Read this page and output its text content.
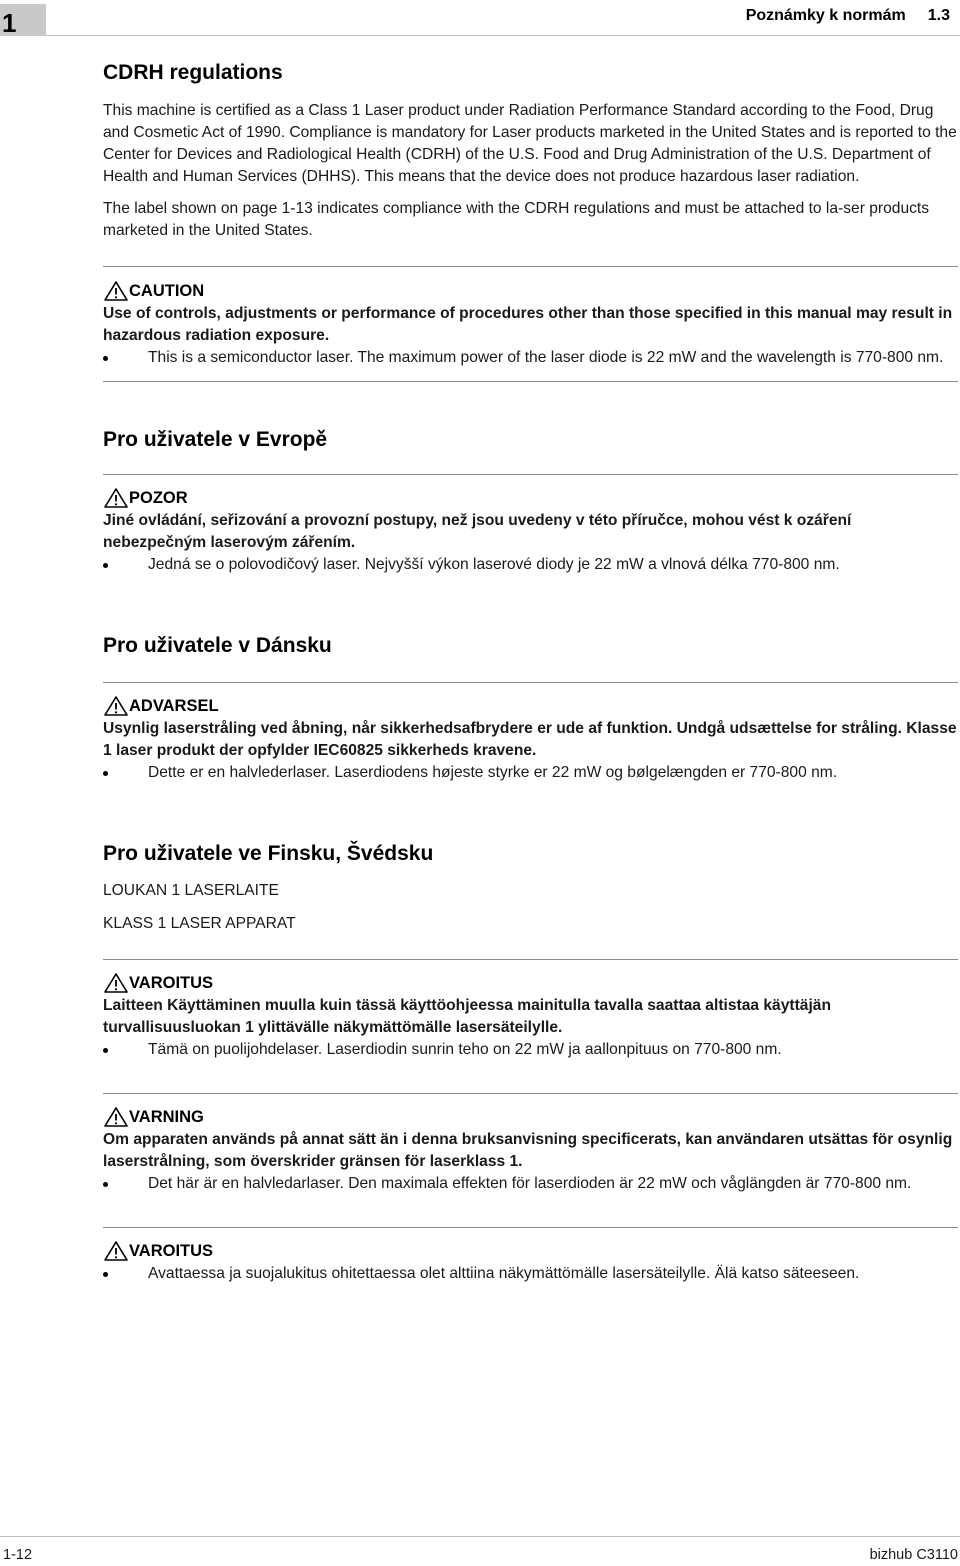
1	Poznámky k normám 1.3
CDRH regulations

This machine is certified as a Class 1 Laser product under Radiation Performance Standard according to the Food, Drug and Cosmetic Act of 1990. Compliance is mandatory for Laser products marketed in the United States and is reported to the Center for Devices and Radiological Health (CDRH) of the U.S. Food and Drug Administration of the U.S. Department of Health and Human Services (DHHS). This means that the device does not produce hazardous laser radiation.

The label shown on page 1-13 indicates compliance with the CDRH regulations and must be attached to la-ser products marketed in the United States.

CAUTION

Use of controls, adjustments or performance of procedures other than those specified in this manual may result in hazardous radiation exposure.

This is a semiconductor laser. The maximum power of the laser diode is 22 mW and the wavelength is 770-800 nm.
Pro uživatele v Evropě
POZOR

Jiné ovládání, seřizování a provozní postupy, než jsou uvedeny v této příručce, mohou vést k ozáření nebezpečným laserovým zářením.

Jedná se o polovodičový laser. Nejvyšší výkon laserové diody je 22 mW a vlnová délka 770-800 nm.
Pro uživatele v Dánsku
ADVARSEL

Usynlig laserstråling ved åbning, når sikkerhedsafbrydere er ude af funktion. Undgå udsættelse for stråling. Klasse 1 laser produkt der opfylder IEC60825 sikkerheds kravene.

Dette er en halvlederlaser. Laserdiodens højeste styrke er 22 mW og bølgelængden er 770-800 nm.
Pro uživatele ve Finsku, Švédsku

LOUKAN 1 LASERLAITE

KLASS 1 LASER APPARAT

VAROITUS

Laitteen Käyttäminen muulla kuin tässä käyttöohjeessa mainitulla tavalla saattaa altistaa käyttäjän turvallisuusluokan 1 ylittävälle näkymättömälle lasersäteilylle.

Tämä on puolijohdelaser. Laserdiodin sunrin teho on 22 mW ja aallonpituus on 770-800 nm.
VARNING

Om apparaten används på annat sätt än i denna bruksanvisning specificerats, kan användaren utsättas för osynlig laserstrålning, som överskrider gränsen för laserklass 1.

Det här är en halvledarlaser. Den maximala effekten för laserdioden är 22 mW och våglängden är 770-800 nm.
VAROITUS
Avattaessa ja suojalukitus ohitettaessa olet alttiina näkymättömälle lasersäteilylle. Älä katso säteeseen.
1-12	bizhub C3110
